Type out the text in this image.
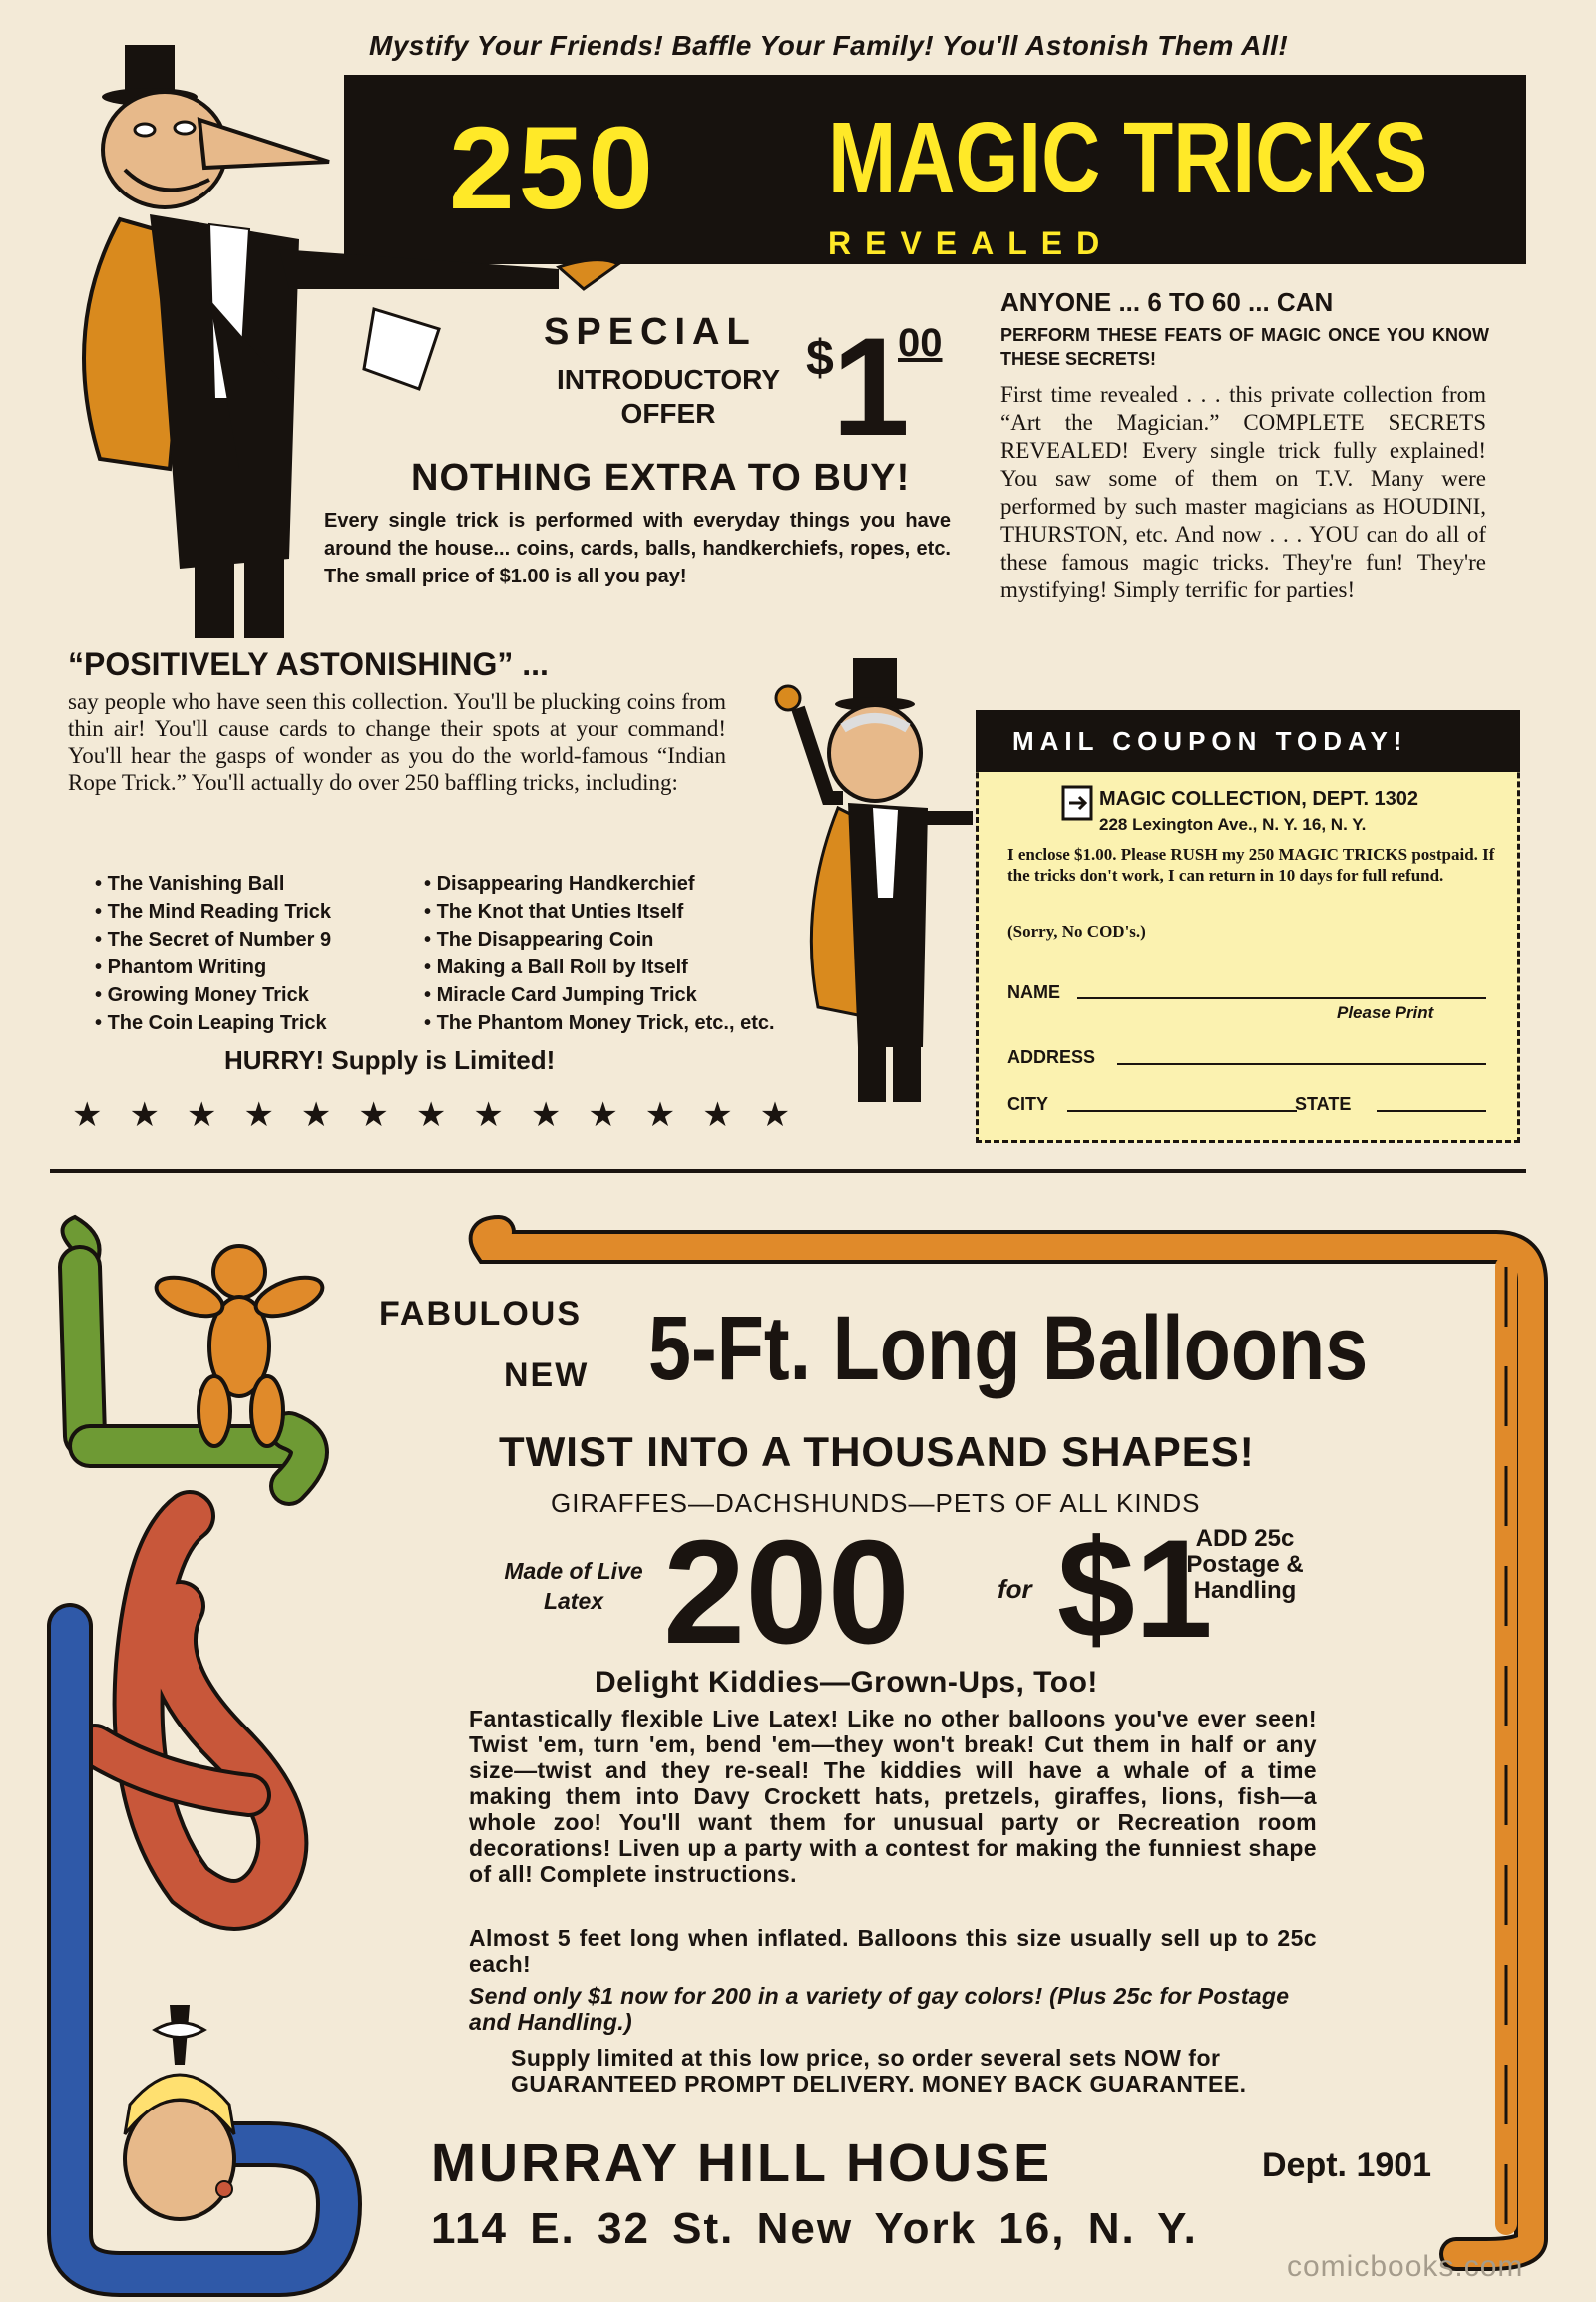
Mystify Your Friends! Baffle Your Family! You'll Astonish Them All!
250 MAGIC TRICKS
REVEALED
SPECIAL
INTRODUCTORY OFFER
$
1
00
NOTHING EXTRA TO BUY!
Every single trick is performed with everyday things you have around the house... coins, cards, balls, handkerchiefs, ropes, etc. The small price of $1.00 is all you pay!
ANYONE ... 6 TO 60 ... CAN
PERFORM THESE FEATS OF MAGIC ONCE YOU KNOW THESE SECRETS!
First time revealed . . . this private collection from “Art the Magician.” COMPLETE SECRETS REVEALED! Every single trick fully explained! You saw some of them on T.V. Many were performed by such master magicians as HOUDINI, THURSTON, etc. And now . . . YOU can do all of these famous magic tricks. They're fun! They're mystifying! Simply terrific for parties!
“POSITIVELY ASTONISHING” ...
say people who have seen this collection. You'll be plucking coins from thin air! You'll cause cards to change their spots at your command! You'll hear the gasps of wonder as you do the world-famous “Indian Rope Trick.” You'll actually do over 250 baffling tricks, including:
• The Vanishing Ball
• The Mind Reading Trick
• The Secret of Number 9
• Phantom Writing
• Growing Money Trick
• The Coin Leaping Trick
• Disappearing Handkerchief
• The Knot that Unties Itself
• The Disappearing Coin
• Making a Ball Roll by Itself
• Miracle Card Jumping Trick
• The Phantom Money Trick, etc., etc.
HURRY! Supply is Limited!
★★★★★★★★★★★★★
MAIL COUPON TODAY!
MAGIC COLLECTION, DEPT. 1302
228 Lexington Ave., N. Y. 16, N. Y.
I enclose $1.00. Please RUSH my 250 MAGIC TRICKS postpaid. If the tricks don't work, I can return in 10 days for full refund.
(Sorry, No COD's.)
NAME
Please Print
ADDRESS
CITY	STATE
FABULOUS
NEW 5-Ft. Long Balloons
TWIST INTO A THOUSAND SHAPES!
GIRAFFES—DACHSHUNDS—PETS OF ALL KINDS
Made of Live Latex 200	for $1
ADD 25c Postage & Handling
Delight Kiddies—Grown-Ups, Too!
Fantastically flexible Live Latex! Like no other balloons you've ever seen! Twist 'em, turn 'em, bend 'em—they won't break! Cut them in half or any size—twist and they re-seal! The kiddies will have a whale of a time making them into Davy Crockett hats, pretzels, giraffes, lions, fish—a whole zoo! You'll want them for unusual party or Recreation room decorations! Liven up a party with a contest for making the funniest shape of all! Complete instructions.
Almost 5 feet long when inflated. Balloons this size usually sell up to 25c each!
Send only $1 now for 200 in a variety of gay colors! (Plus 25c for Postage and Handling.)
Supply limited at this low price, so order several sets NOW for GUARANTEED PROMPT DELIVERY. MONEY BACK GUARANTEE.
MURRAY HILL HOUSE	Dept. 1901
114 E. 32 St. New York 16, N. Y.
comicbooks.com
